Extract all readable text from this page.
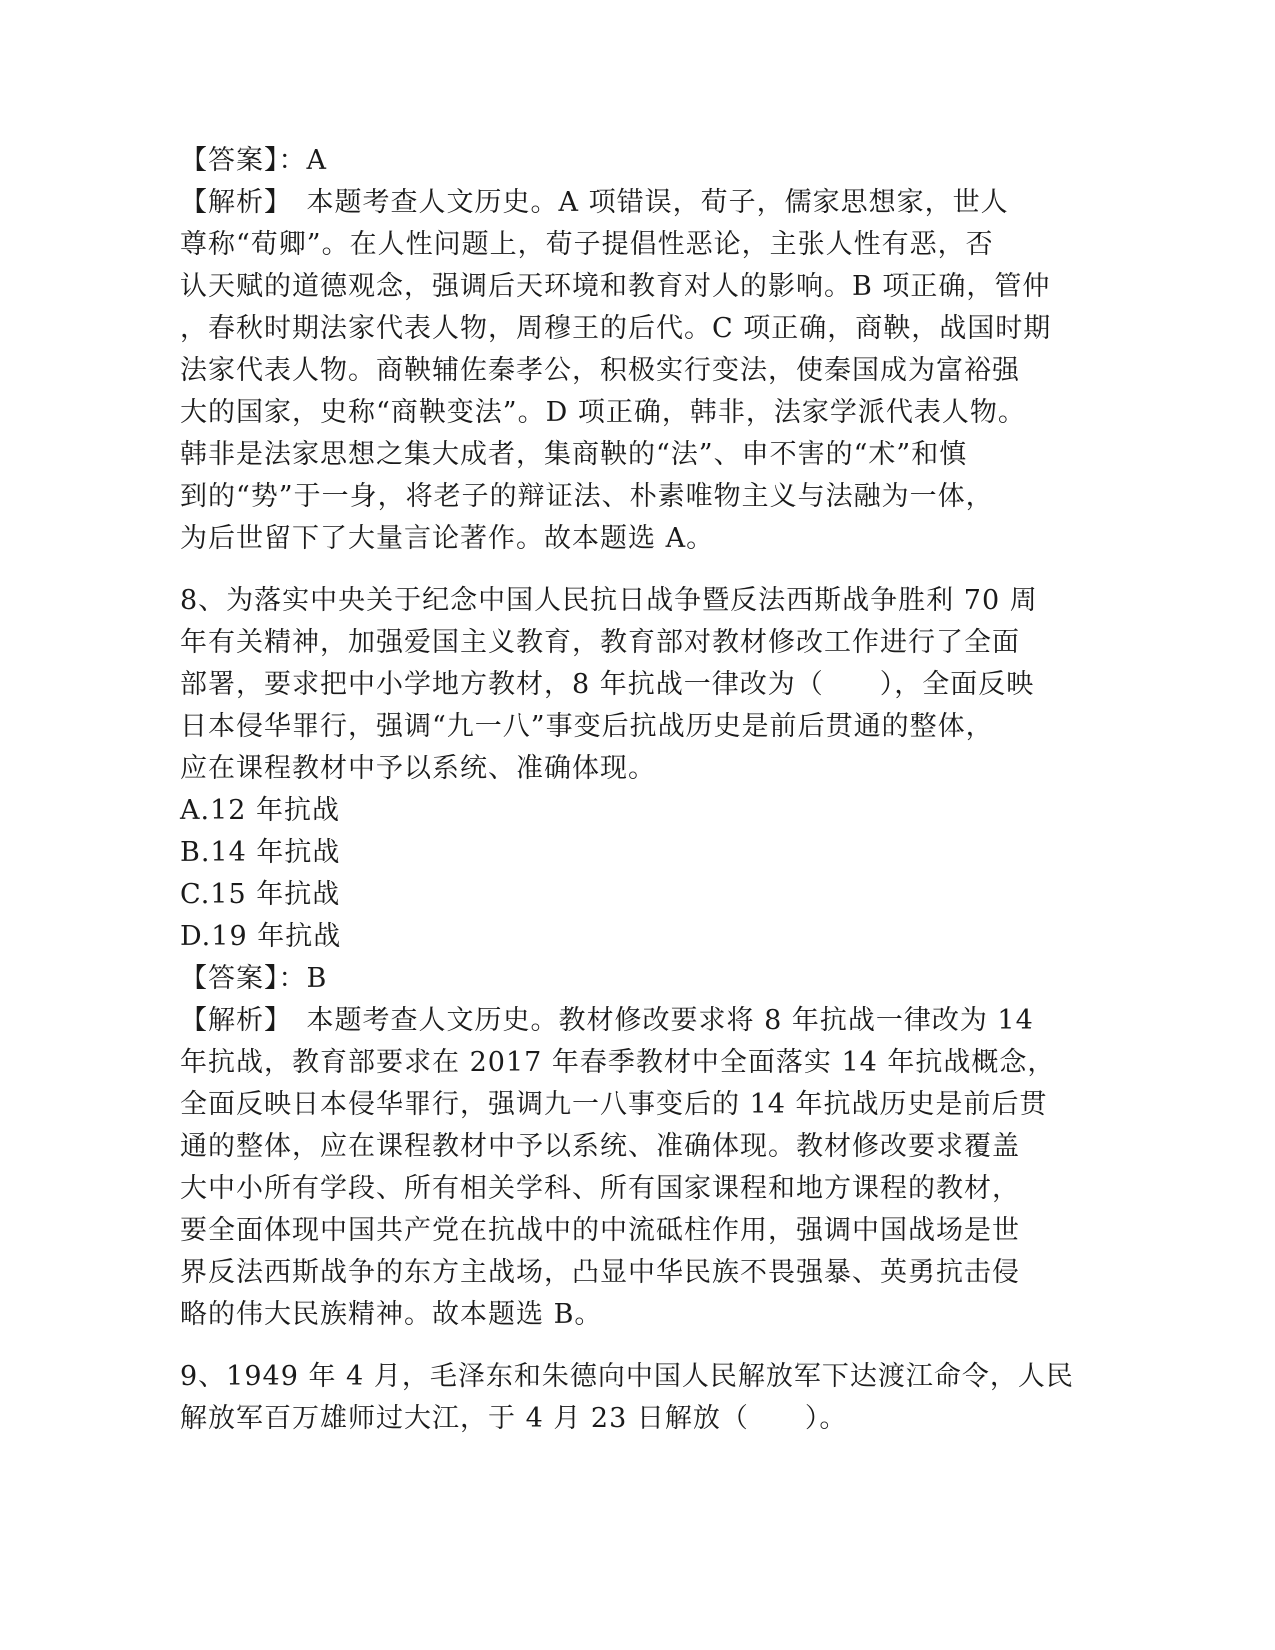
【答案】：A
【解析】　本题考查人文历史。A 项错误，荀子，儒家思想家，世人
尊称“荀卿”。在人性问题上，荀子提倡性恶论，主张人性有恶，否
认天赋的道德观念，强调后天环境和教育对人的影响。B 项正确，管仲
，春秋时期法家代表人物，周穆王的后代。C 项正确，商鞅，战国时期
法家代表人物。商鞅辅佐秦孝公，积极实行变法，使秦国成为富裕强
大的国家，史称“商鞅变法”。D 项正确，韩非，法家学派代表人物。
韩非是法家思想之集大成者，集商鞅的“法”、申不害的“术”和慎
到的“势”于一身，将老子的辩证法、朴素唯物主义与法融为一体，
为后世留下了大量言论著作。故本题选 A。
8、为落实中央关于纪念中国人民抗日战争暨反法西斯战争胜利 70 周
年有关精神，加强爱国主义教育，教育部对教材修改工作进行了全面
部署，要求把中小学地方教材，8 年抗战一律改为（　　），全面反映
日本侵华罪行，强调“九一八”事变后抗战历史是前后贯通的整体，
应在课程教材中予以系统、准确体现。
A.12 年抗战
B.14 年抗战
C.15 年抗战
D.19 年抗战
【答案】：B
【解析】　本题考查人文历史。教材修改要求将 8 年抗战一律改为 14
年抗战，教育部要求在 2017 年春季教材中全面落实 14 年抗战概念，
全面反映日本侵华罪行，强调九一八事变后的 14 年抗战历史是前后贯
通的整体，应在课程教材中予以系统、准确体现。教材修改要求覆盖
大中小所有学段、所有相关学科、所有国家课程和地方课程的教材，
要全面体现中国共产党在抗战中的中流砥柱作用，强调中国战场是世
界反法西斯战争的东方主战场，凸显中华民族不畏强暴、英勇抗击侵
略的伟大民族精神。故本题选 B。
9、1949 年 4 月，毛泽东和朱德向中国人民解放军下达渡江命令，人民
解放军百万雄师过大江，于 4 月 23 日解放（　　）。
